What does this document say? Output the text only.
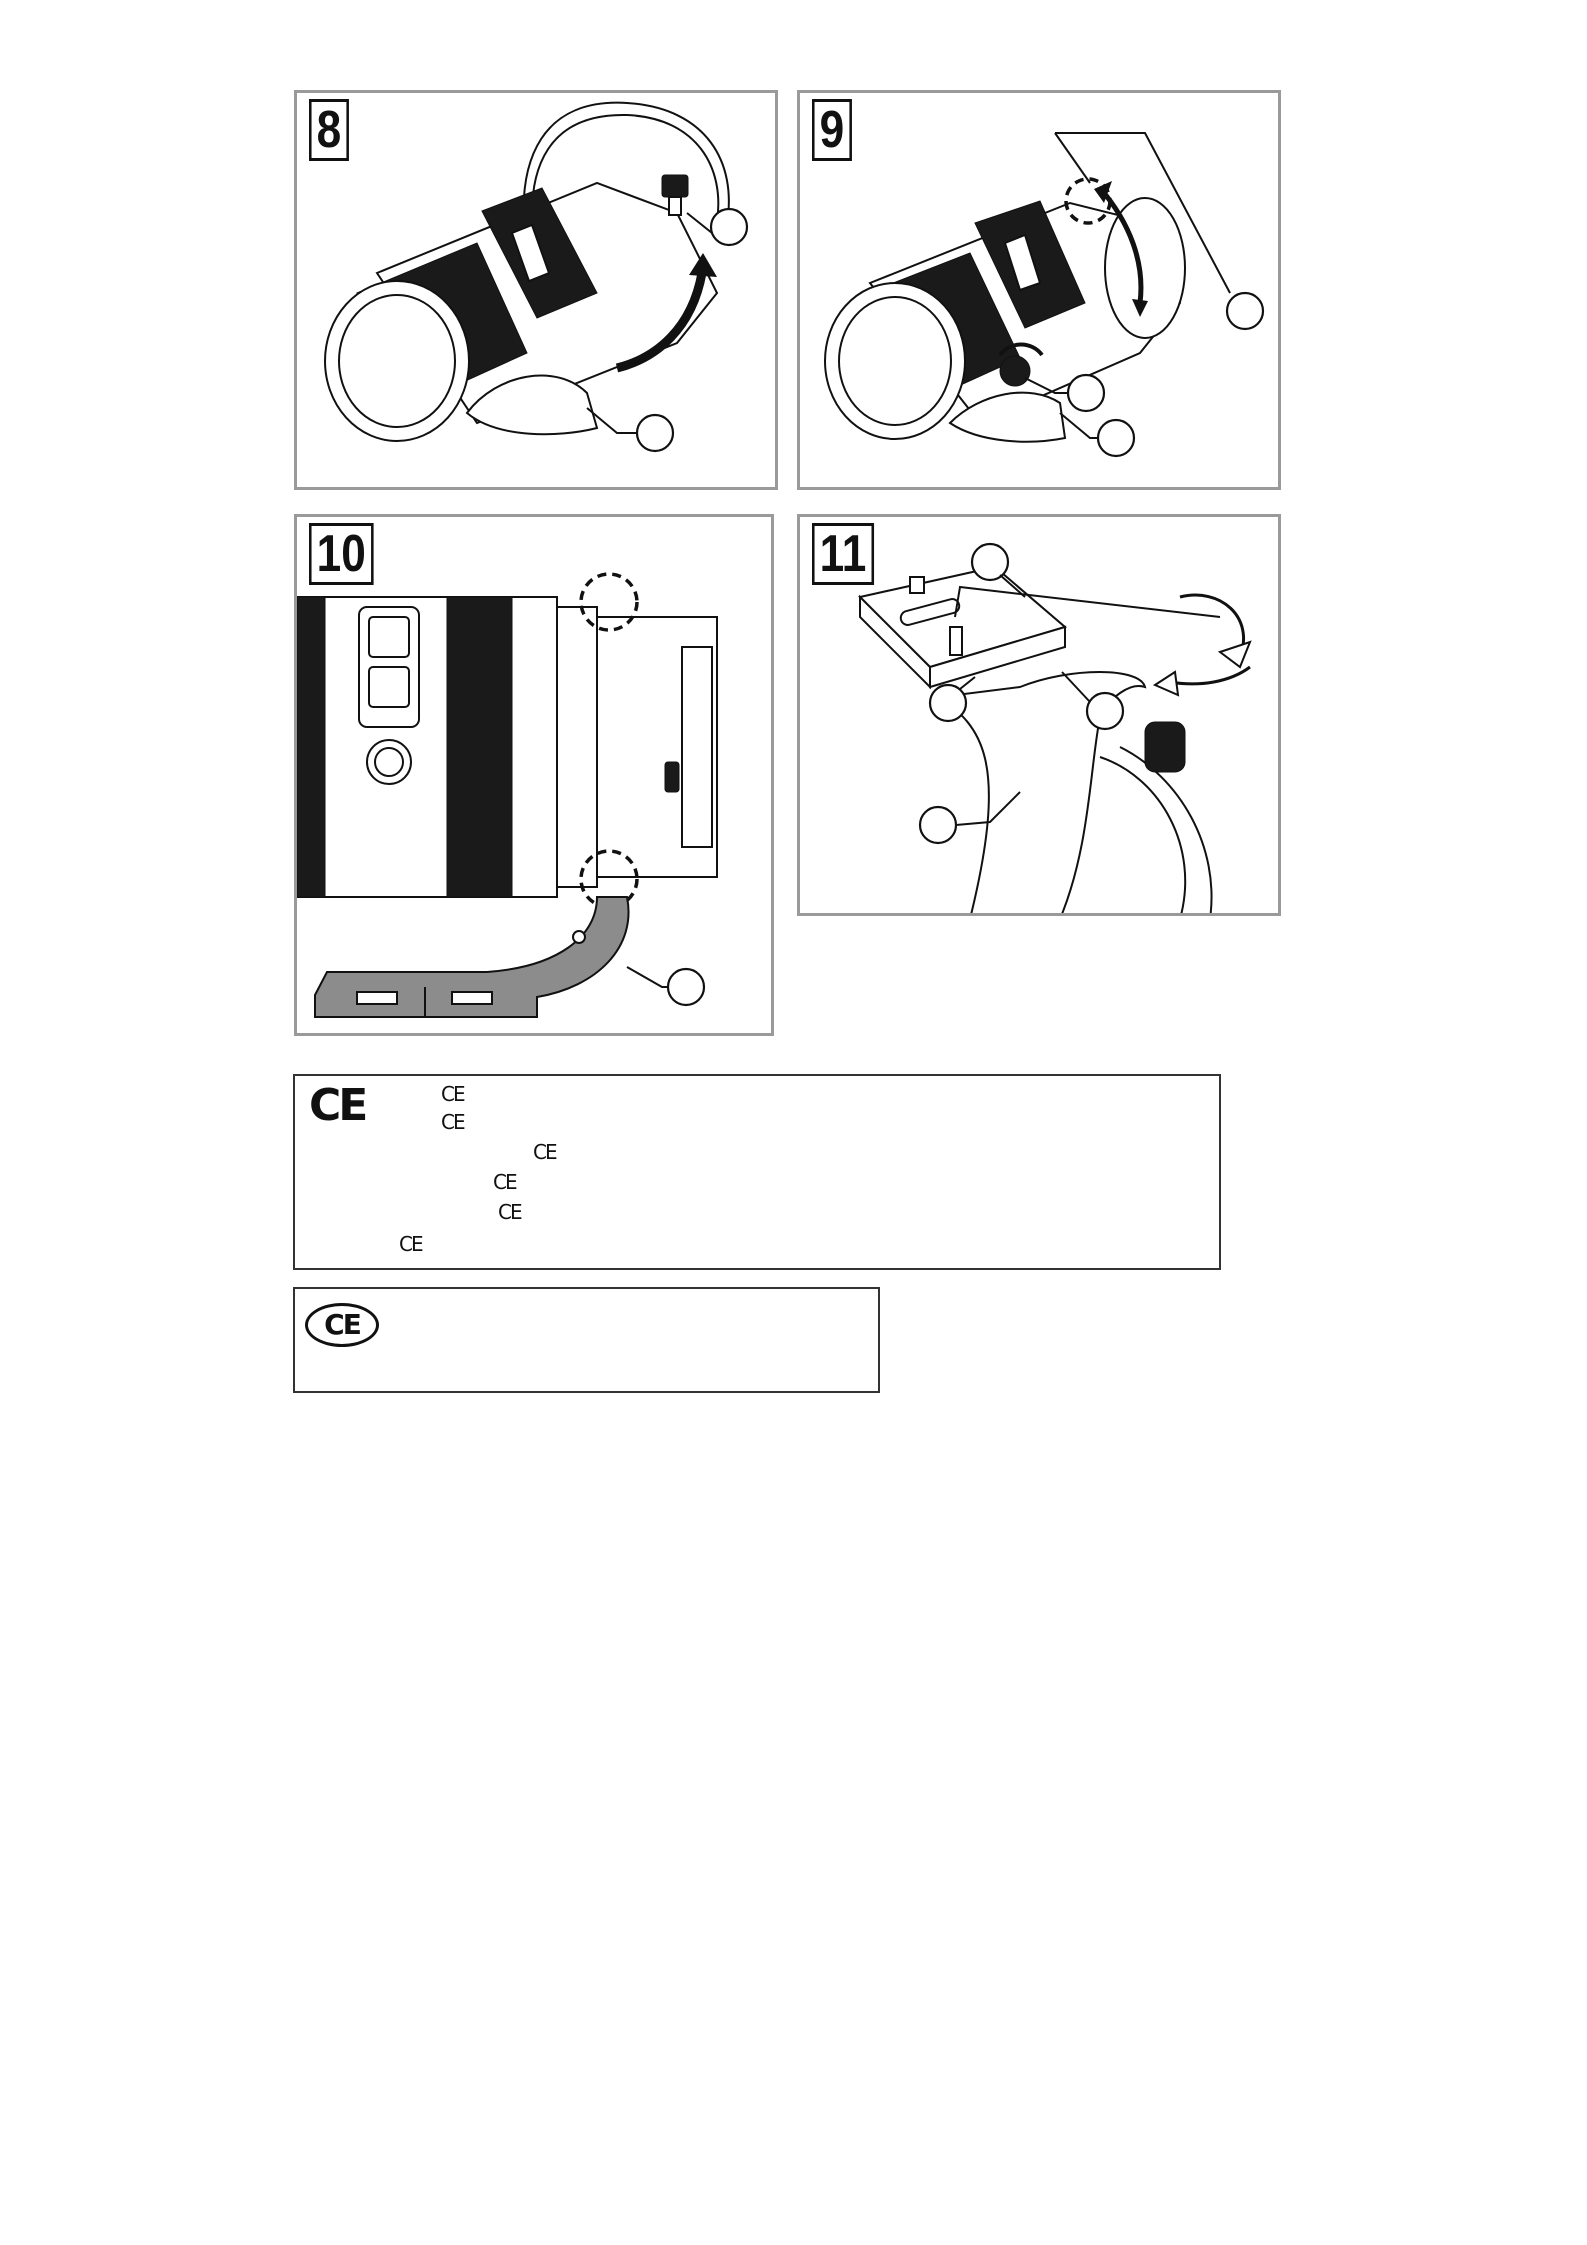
8	9
10	11
CE	CE
CE
CE
CE
CE
CE
CE
